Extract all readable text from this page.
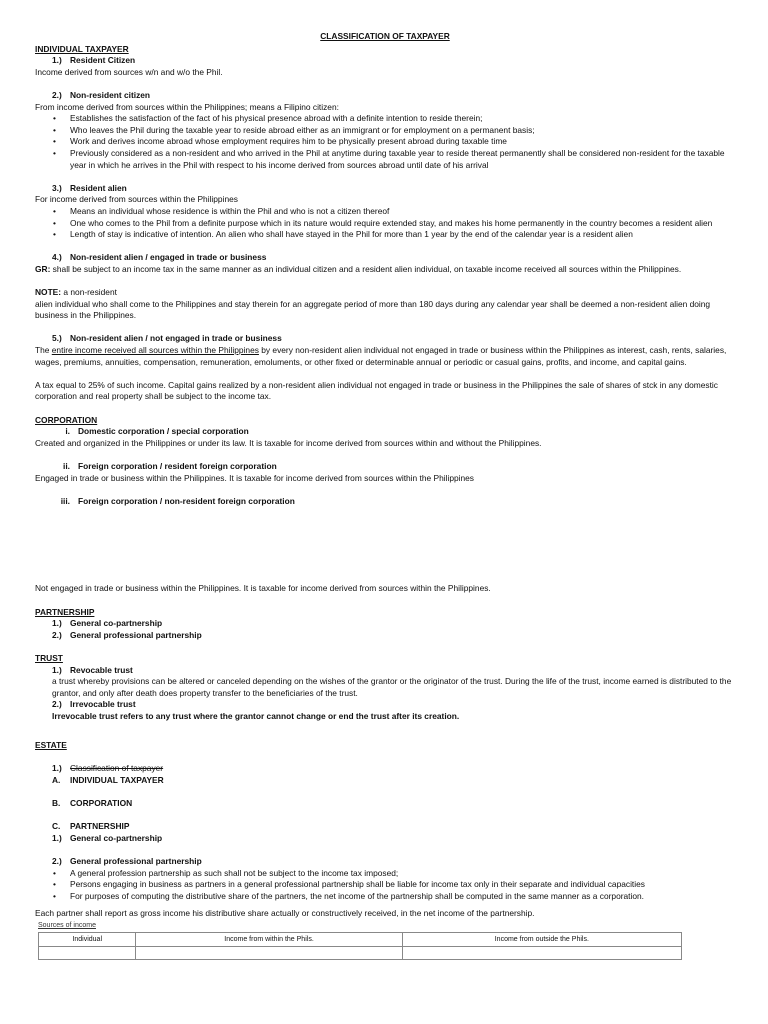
CLASSIFICATION OF TAXPAYER
INDIVIDUAL TAXPAYER
1.) Resident Citizen

Income derived from sources w/n and w/o the Phil.

2.) Non-resident citizen

From income derived from sources within the Philippines; means a Filipino citizen:

• Establishes the satisfaction of the fact of his physical presence abroad with a definite intention to reside therein;
• Who leaves the Phil during the taxable year to reside abroad either as an immigrant or for employment on a permanent basis;
• Work and derives income abroad whose employment requires him to be physically present abroad during taxable time
• Previously considered as a non-resident and who arrived in the Phil at anytime during taxable year to reside thereat permanently shall be considered non-resident for the taxable year in which he arrives in the Phil with respect to his income derived from sources abroad until date of his arrival
3.) Resident alien

For income derived from sources within the Philippines

• Means an individual whose residence is within the Phil and who is not a citizen thereof
• One who comes to the Phil from a definite purpose which in its nature would require extended stay, and makes his home permanently in the country becomes a resident alien
• Length of stay is indicative of intention. An alien who shall have stayed in the Phil for more than 1 year by the end of the calendar year is a resident alien
4.) Non-resident alien / engaged in trade or business

GR: shall be subject to an income tax in the same manner as an individual citizen and a resident alien individual, on taxable income received all sources within the Philippines.

NOTE: a non-resident

alien individual who shall come to the Philippines and stay therein for an aggregate period of more than 180 days during any calendar year shall be deemed a non-resident alien doing business in the Philippines.

5.) Non-resident alien / not engaged in trade or business

The entire income received all sources within the Philippines by every non-resident alien individual not engaged in trade or business within the Philippines as interest, cash, rents, salaries, wages, premiums, annuities, compensation, remuneration, emoluments, or other fixed or determinable annual or periodic or casual gains, profits, and income, and capital gains.

A tax equal to 25% of such income. Capital gains realized by a non-resident alien individual not engaged in trade or business in the Philippines the sale of shares of stck in any domestic corporation and real property shall be subject to the income tax.

CORPORATION
i. Domestic corporation / special corporation

Created and organized in the Philippines or under its law. It is taxable for income derived from sources within and without the Philippines.

ii. Foreign corporation / resident foreign corporation

Engaged in trade or business within the Philippines. It is taxable for income derived from sources within the Philippines

iii. Foreign corporation / non-resident foreign corporation

Not engaged in trade or business within the Philippines. It is taxable for income derived from sources within the Philippines.

PARTNERSHIP
1.) General co-partnership
2.) General professional partnership
TRUST
1.) Revocable trust

a trust whereby provisions can be altered or canceled depending on the wishes of the grantor or the originator of the trust. During the life of the trust, income earned is distributed to the grantor, and only after death does property transfer to the beneficiaries of the trust.

2.) Irrevocable trust

Irrevocable trust refers to any trust where the grantor cannot change or end the trust after its creation.

ESTATE
1.) Classification of taxpayer
A. INDIVIDUAL TAXPAYER
B. CORPORATION
C. PARTNERSHIP
1.) General co-partnership
2.) General professional partnership
• A general profession partnership as such shall not be subject to the income tax imposed;
• Persons engaging in business as partners in a general professional partnership shall be liable for income tax only in their separate and individual capacities
• For purposes of computing the distributive share of the partners, the net income of the partnership shall be computed in the same manner as a corporation.

Each partner shall report as gross income his distributive share actually or constructively received, in the net income of the partnership.

Sources of income
Individual	Income from within the Phils.	Income from outside the Phils.
